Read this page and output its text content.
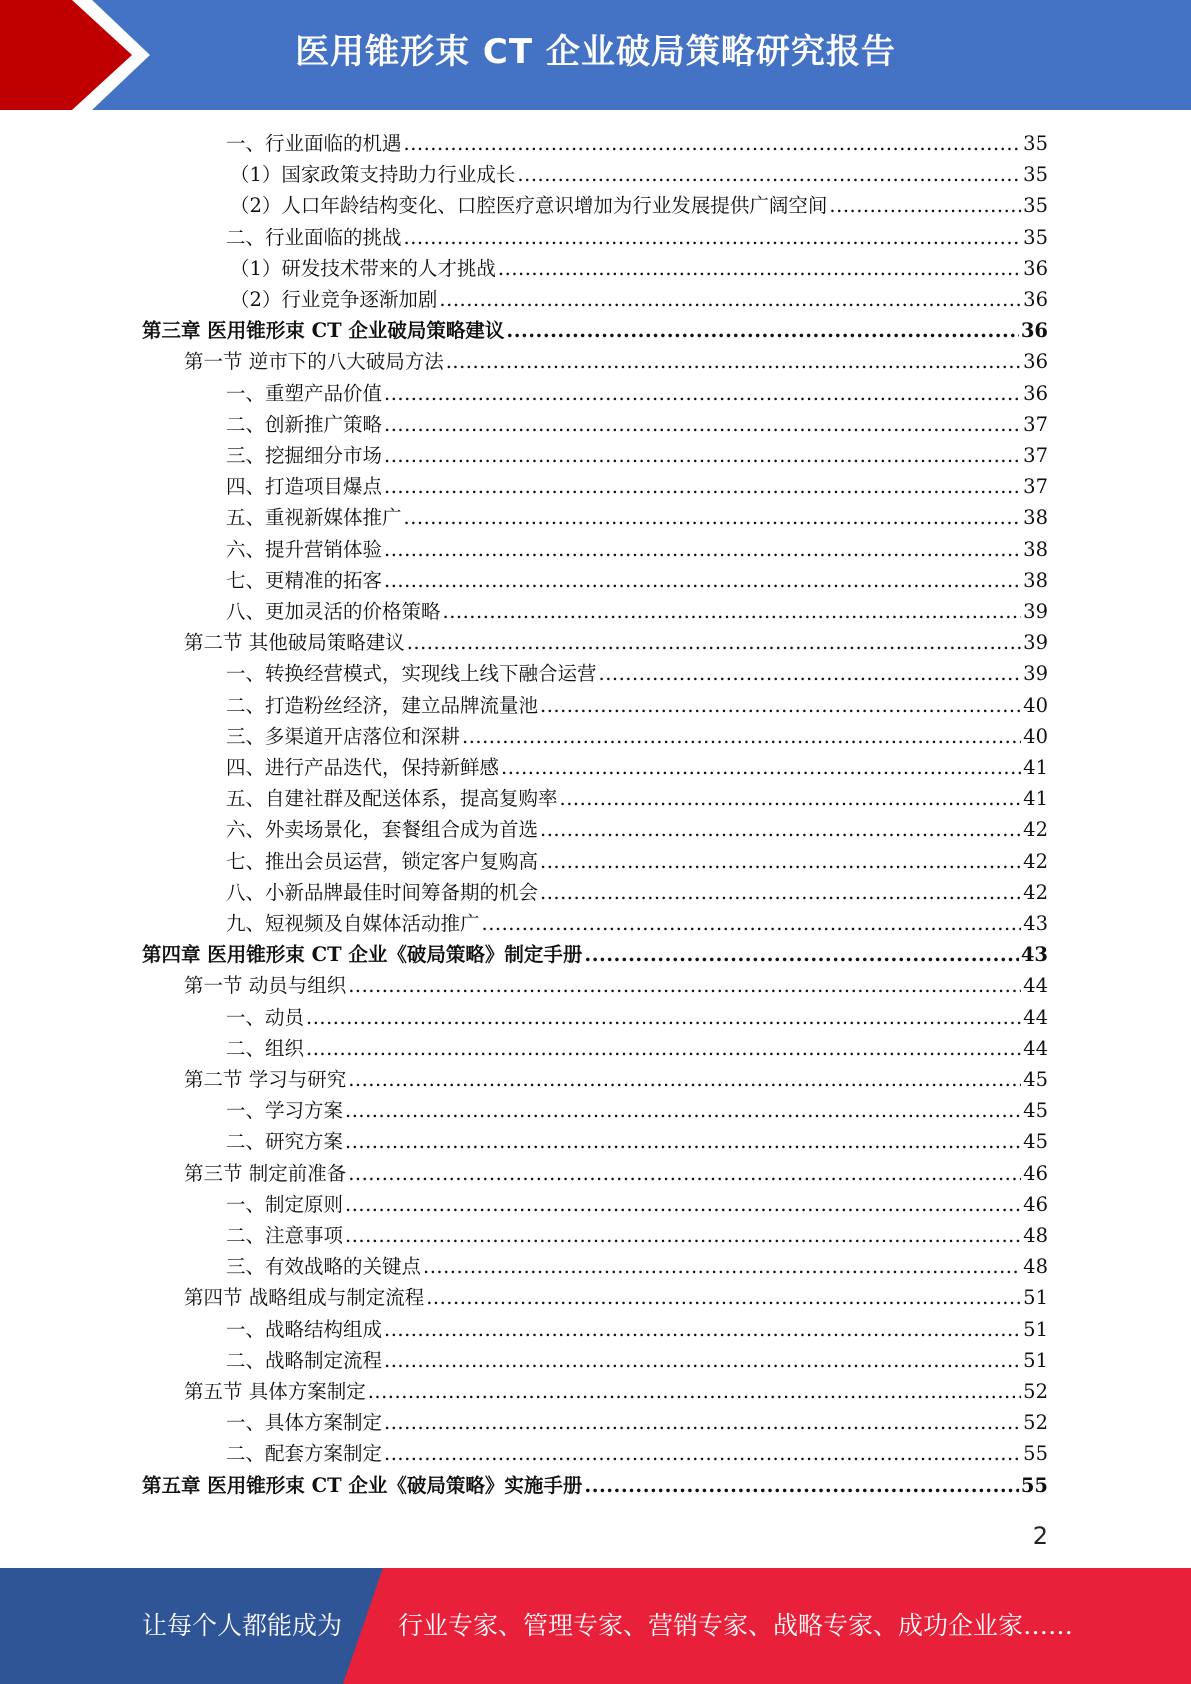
医用锥形束 CT 企业破局策略研究报告
一、行业面临的机遇 .....	35
（1）国家政策支持助力行业成长 .....	35
（2）人口年龄结构变化、口腔医疗意识增加为行业发展提供广阔空间 .....	35
二、行业面临的挑战 .....	35
（1）研发技术带来的人才挑战 .....	36
（2）行业竞争逐渐加剧 .....	36
第三章 医用锥形束 CT 企业破局策略建议 .....	36
第一节 逆市下的八大破局方法 .....	36
一、重塑产品价值 .....	36
二、创新推广策略 .....	37
三、挖掘细分市场 .....	37
四、打造项目爆点 .....	37
五、重视新媒体推广 .....	38
六、提升营销体验 .....	38
七、更精准的拓客 .....	38
八、更加灵活的价格策略 .....	39
第二节 其他破局策略建议 .....	39
一、转换经营模式，实现线上线下融合运营 .....	39
二、打造粉丝经济，建立品牌流量池 .....	40
三、多渠道开店落位和深耕 .....	40
四、进行产品迭代，保持新鲜感 .....	41
五、自建社群及配送体系，提高复购率 .....	41
六、外卖场景化，套餐组合成为首选 .....	42
七、推出会员运营，锁定客户复购高 .....	42
八、小新品牌最佳时间筹备期的机会 .....	42
九、短视频及自媒体活动推广 .....	43
第四章 医用锥形束 CT 企业《破局策略》制定手册 .....	43
第一节 动员与组织 .....	44
一、动员 .....	44
二、组织 .....	44
第二节 学习与研究 .....	45
一、学习方案 .....	45
二、研究方案 .....	45
第三节 制定前准备 .....	46
一、制定原则 .....	46
二、注意事项 .....	48
三、有效战略的关键点 .....	48
第四节 战略组成与制定流程 .....	51
一、战略结构组成 .....	51
二、战略制定流程 .....	51
第五节 具体方案制定 .....	52
一、具体方案制定 .....	52
二、配套方案制定 .....	55
第五章 医用锥形束 CT 企业《破局策略》实施手册 .....	55
2
让每个人都能成为 行业专家、管理专家、营销专家、战略专家、成功企业家……
